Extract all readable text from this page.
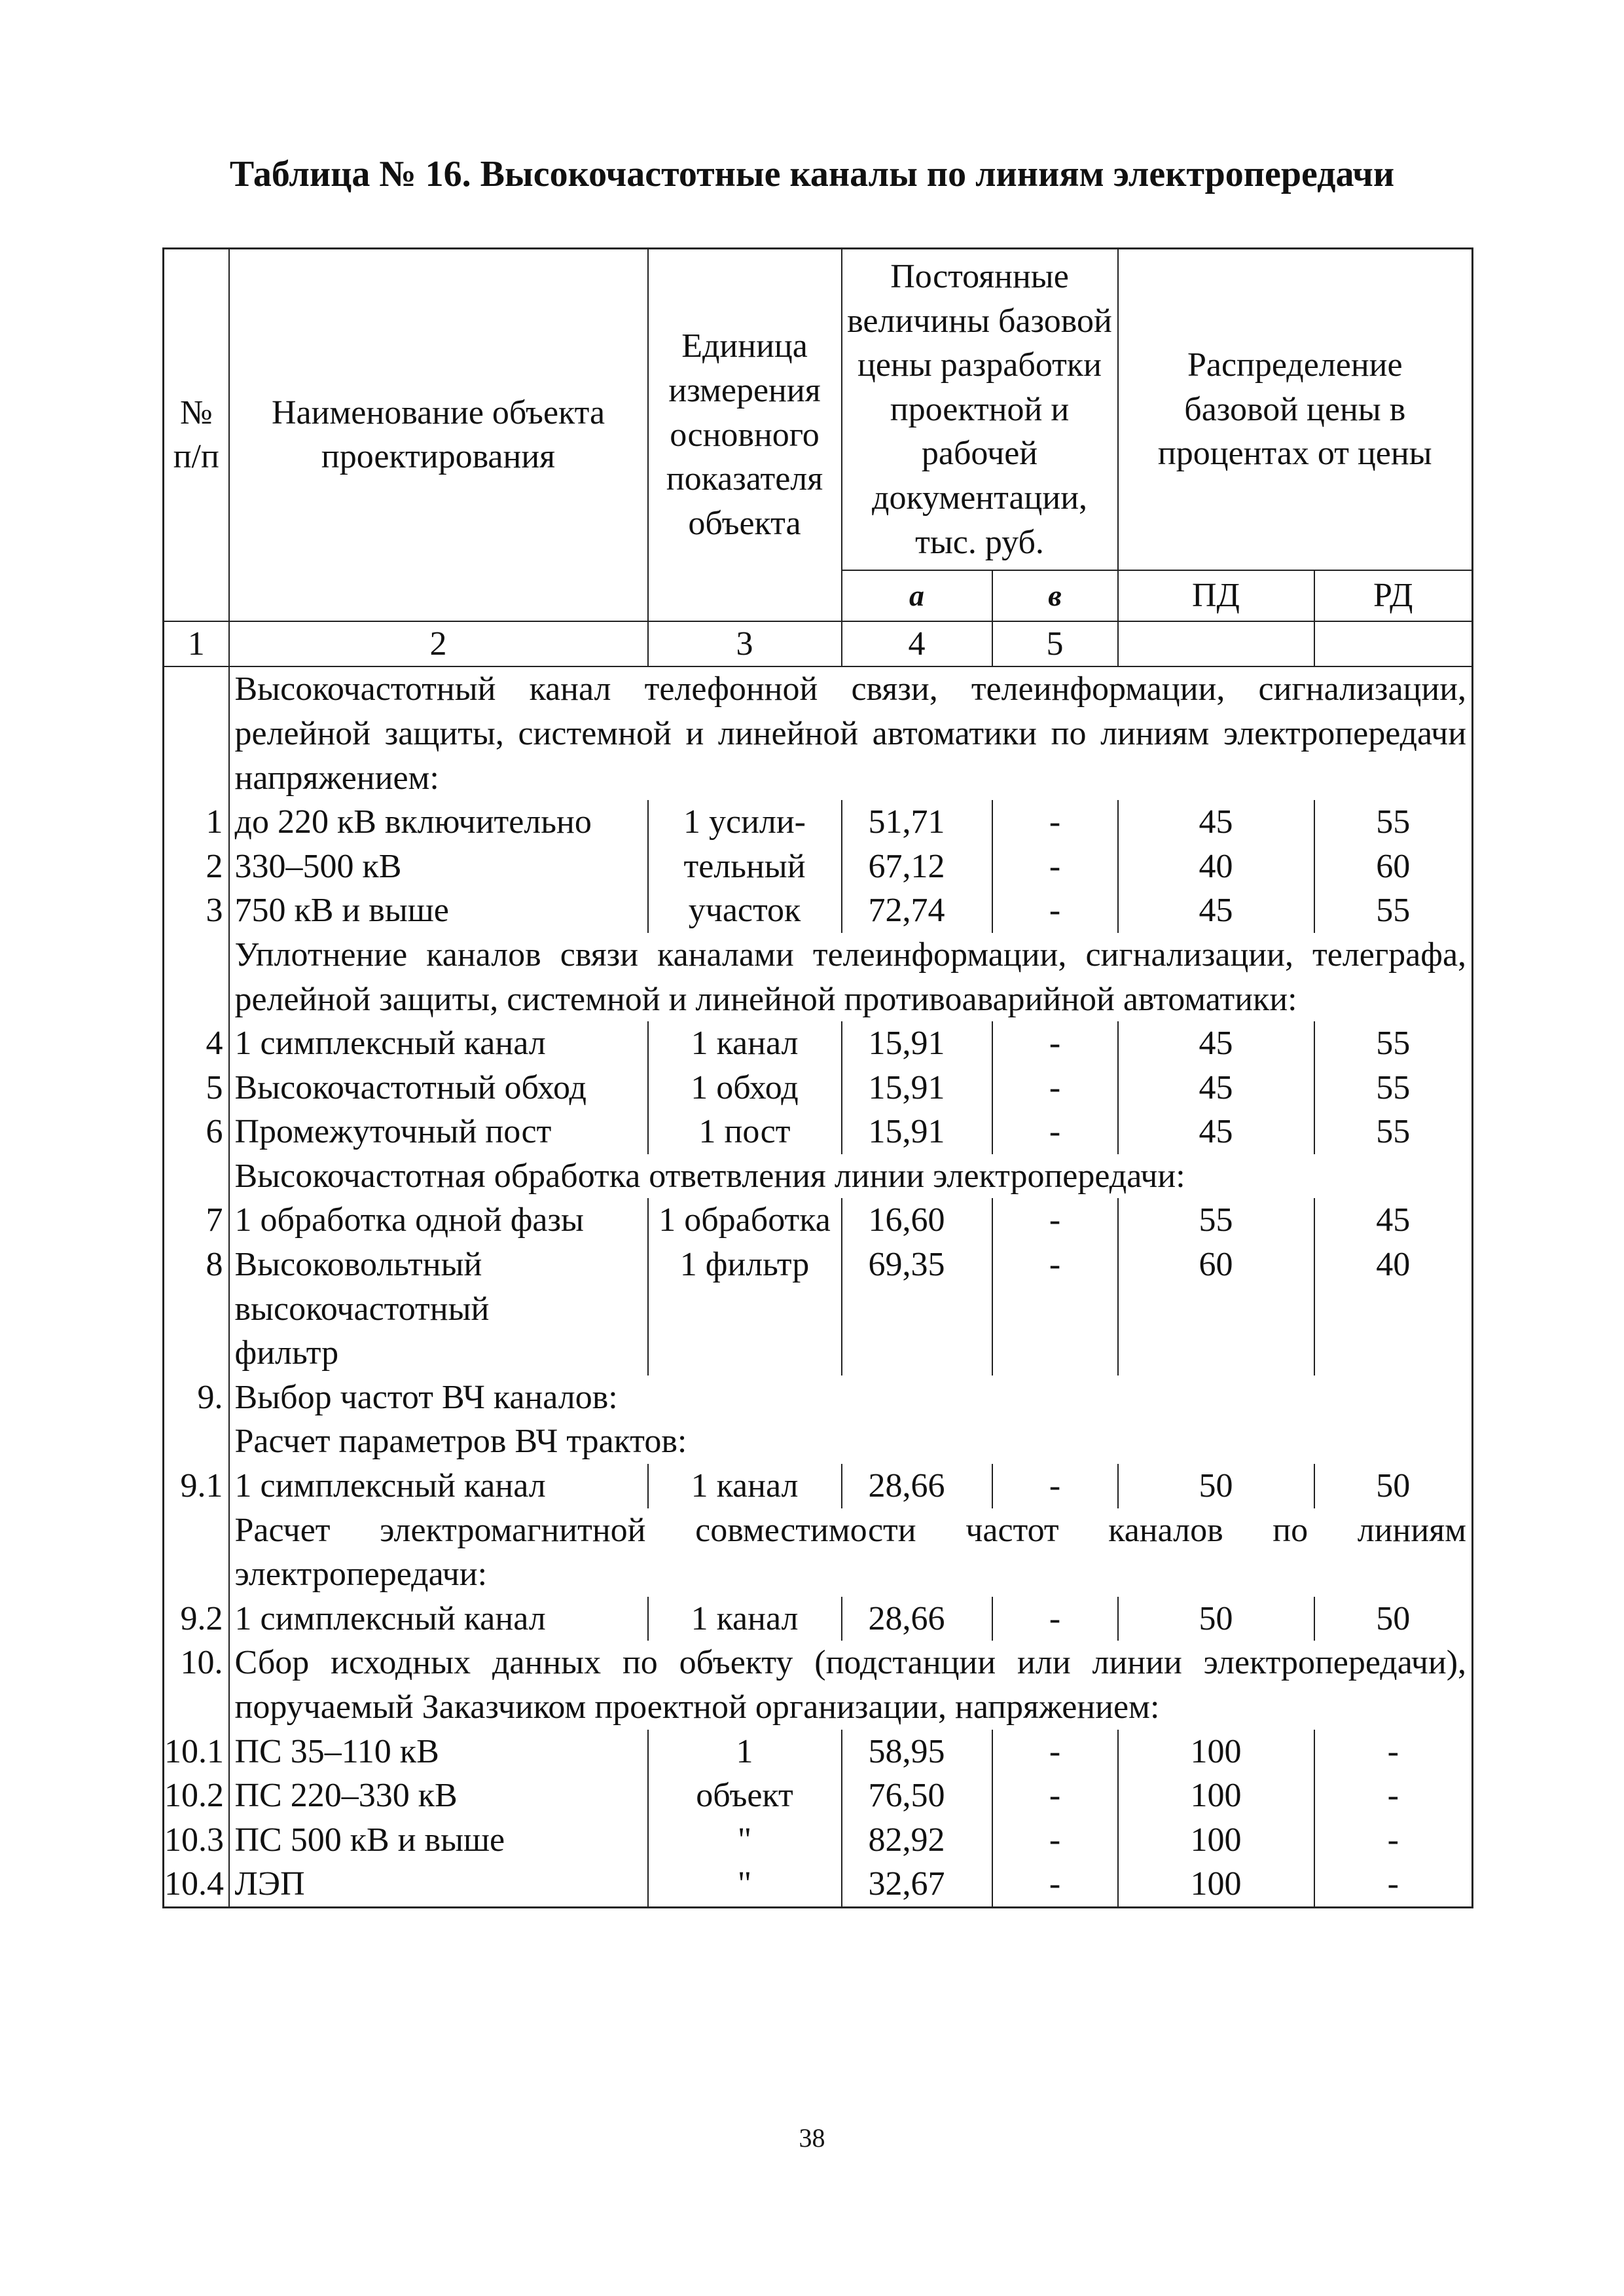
Таблица № 16. Высокочастотные каналы по линиям электропередачи
№ п/п	Наименование объекта проектирования	Единица измерения основного показателя объекта	Постоянные величины базовой цены разработки проектной и рабочей документации, тыс. руб.		Распределение базовой цены в процентах от цены	
			а	в	ПД	РД
1	2	3	4	5		
	Высокочастотный канал телефонной связи, телеинформации, сигнализации, релейной защиты, системной и линейной автоматики по линиям электропередачи напряжением:					
1	до 220 кВ включительно	1 усили-	51,71	-	45	55
2	330–500 кВ	тельный	67,12	-	40	60
3	750 кВ и выше	участок	72,74	-	45	55
	Уплотнение каналов связи каналами телеинформации, сигнализации, телеграфа, релейной защиты, системной и линейной противоаварийной автоматики:					
4	1 симплексный канал	1 канал	15,91	-	45	55
5	Высокочастотный обход	1 обход	15,91	-	45	55
6	Промежуточный пост	1 пост	15,91	-	45	55
	Высокочастотная обработка ответвления линии электропередачи:					
7	1 обработка одной фазы	1 обработка	16,60	-	55	45
8	Высоковольтный	1 фильтр	69,35	-	60	40
	высокочастотный					
	фильтр					
9.	Выбор частот ВЧ каналов:					
	Расчет параметров ВЧ трактов:					
9.1	1 симплексный канал	1 канал	28,66	-	50	50
	Расчет электромагнитной совместимости частот каналов по линиям электропередачи:					
9.2	1 симплексный канал	1 канал	28,66	-	50	50
10.	Сбор исходных данных по объекту (подстанции или линии электропередачи), поручаемый Заказчиком проектной организации, напряжением:					
10.1	ПС 35–110 кВ	1	58,95	-	100	-
10.2	ПС 220–330 кВ	объект	76,50	-	100	-
10.3	ПС 500 кВ и выше	"	82,92	-	100	-
10.4	ЛЭП	"	32,67	-	100	-
38
